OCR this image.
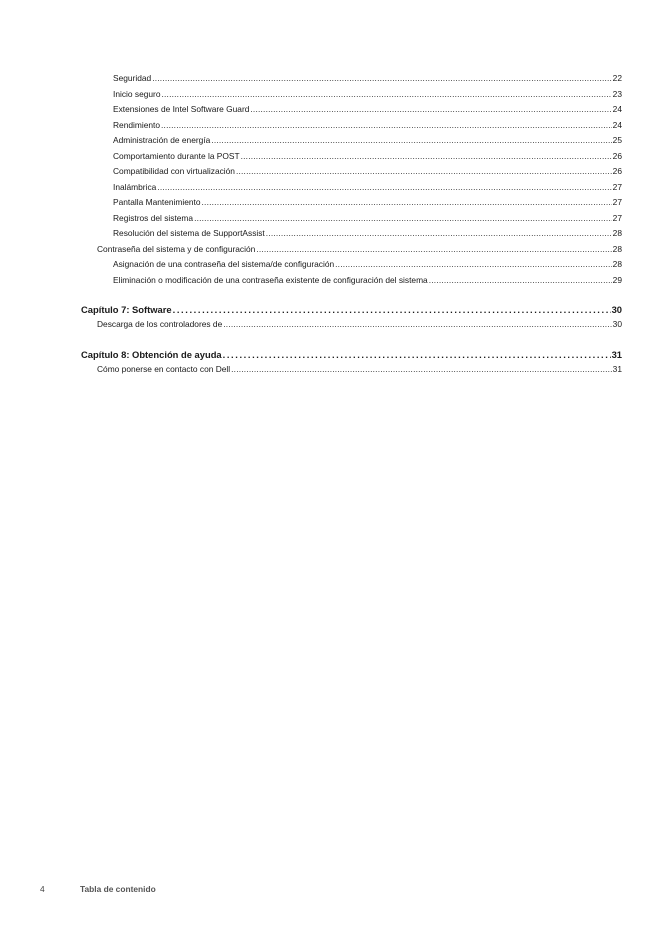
Seguridad .....	22
Inicio seguro .....	23
Extensiones de Intel Software Guard .....	24
Rendimiento .....	24
Administración de energía .....	25
Comportamiento durante la POST .....	26
Compatibilidad con virtualización .....	26
Inalámbrica .....	27
Pantalla Mantenimiento .....	27
Registros del sistema .....	27
Resolución del sistema de SupportAssist .....	28
Contraseña del sistema y de configuración .....	28
Asignación de una contraseña del sistema/de configuración .....	28
Eliminación o modificación de una contraseña existente de configuración del sistema .....	29
Capítulo 7: Software .....	30
Descarga de los controladores de .....	30
Capítulo 8: Obtención de ayuda .....	31
Cómo ponerse en contacto con Dell .....	31
4	Tabla de contenido
